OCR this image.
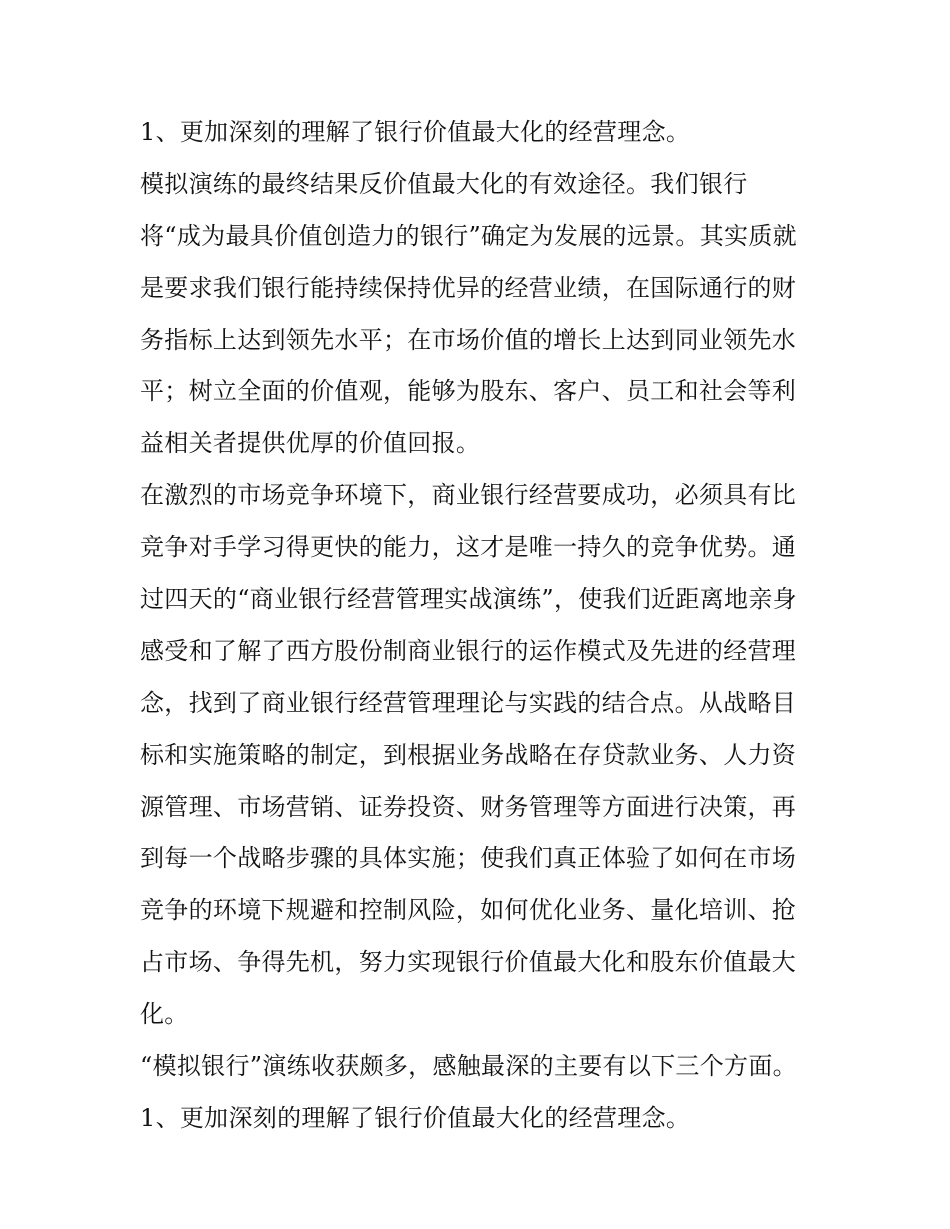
1、更加深刻的理解了银行价值最大化的经营理念。

模拟演练的最终结果反价值最大化的有效途径。我们银行

将“成为最具价值创造力的银行”确定为发展的远景。其实质就

是要求我们银行能持续保持优异的经营业绩，在国际通行的财

务指标上达到领先水平；在市场价值的增长上达到同业领先水

平；树立全面的价值观，能够为股东、客户、员工和社会等利

益相关者提供优厚的价值回报。

在激烈的市场竞争环境下，商业银行经营要成功，必须具有比

竞争对手学习得更快的能力，这才是唯一持久的竞争优势。通

过四天的“商业银行经营管理实战演练”，使我们近距离地亲身

感受和了解了西方股份制商业银行的运作模式及先进的经营理

念，找到了商业银行经营管理理论与实践的结合点。从战略目

标和实施策略的制定，到根据业务战略在存贷款业务、人力资

源管理、市场营销、证券投资、财务管理等方面进行决策，再

到每一个战略步骤的具体实施；使我们真正体验了如何在市场

竞争的环境下规避和控制风险，如何优化业务、量化培训、抢

占市场、争得先机，努力实现银行价值最大化和股东价值最大

化。

“模拟银行”演练收获颇多，感触最深的主要有以下三个方面。

1、更加深刻的理解了银行价值最大化的经营理念。
